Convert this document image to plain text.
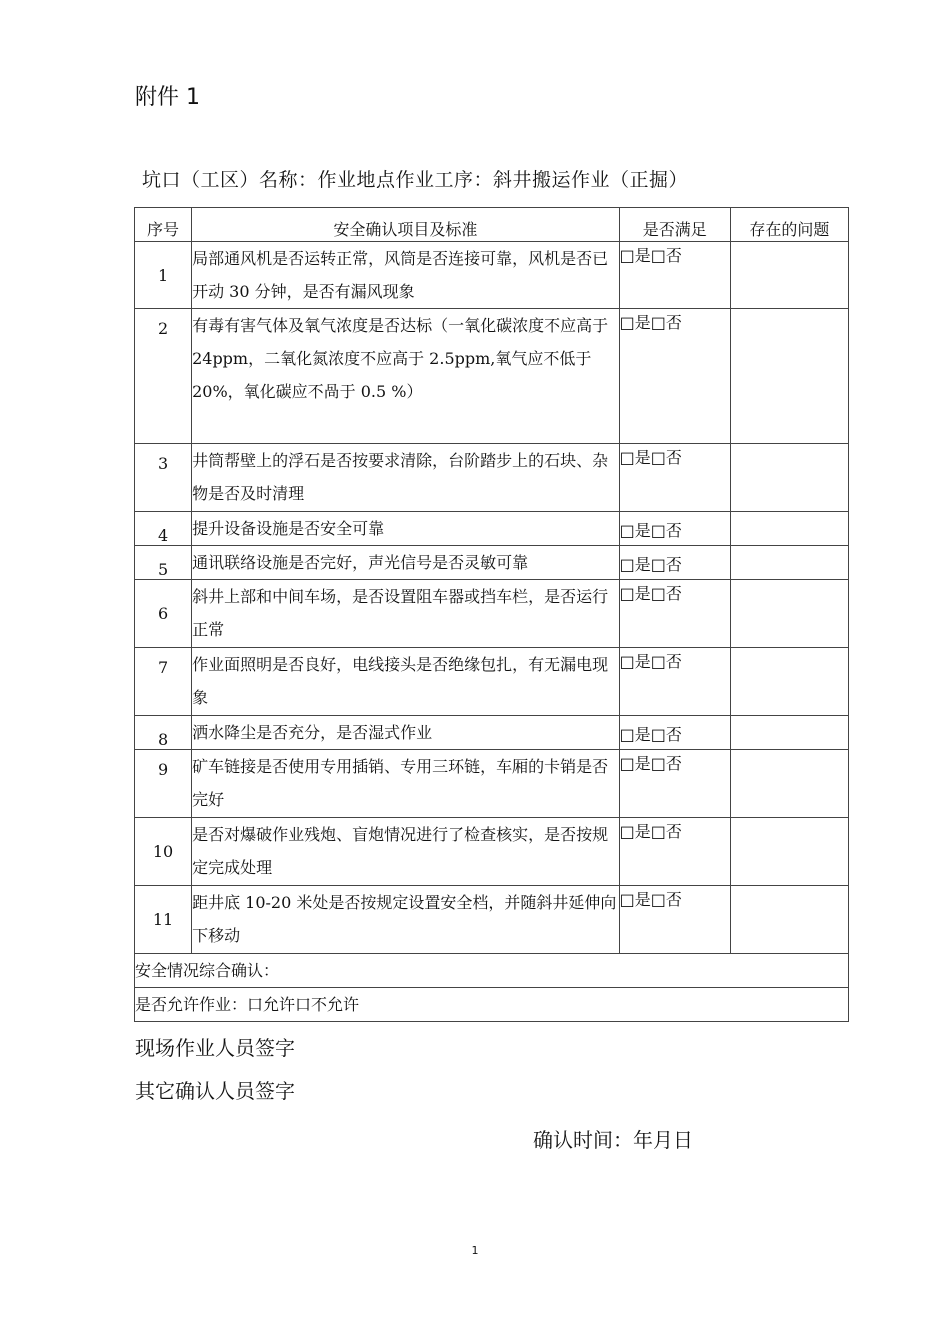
附件 1
坑口（工区）名称：作业地点作业工序：斜井搬运作业（正掘）
序号	安全确认项目及标准	是否满足	存在的问题
1	局部通风机是否运转正常，风筒是否连接可靠，风机是否已开动 30 分钟，是否有漏风现象	□是□否	
2	有毒有害气体及氧气浓度是否达标（一氧化碳浓度不应高于 24ppm，二氧化氮浓度不应高于 2.5ppm,氧气应不低于 20%，氧化碳应不咼于 0.5 %）	□是□否	
3	井筒帮壁上的浮石是否按要求清除，台阶踏步上的石块、杂物是否及时清理	□是□否	
4	提升设备设施是否安全可靠	□是□否	
5	通讯联络设施是否完好，声光信号是否灵敏可靠	□是□否	
6	斜井上部和中间车场，是否设置阻车器或挡车栏，是否运行正常	□是□否	
7	作业面照明是否良好，电线接头是否绝缘包扎，有无漏电现象	□是□否	
8	洒水降尘是否充分，是否湿式作业	□是□否	
9	矿车链接是否使用专用插销、专用三环链，车厢的卡销是否完好	□是□否	
10	是否对爆破作业残炮、盲炮情况进行了检查核实，是否按规定完成处理	□是□否	
11	距井底 10-20 米处是否按规定设置安全档，并随斜井延伸向下移动	□是□否	
安全情况综合确认：			
是否允许作业：口允许口不允许			
现场作业人员签字
其它确认人员签字
确认时间：年月日
1
